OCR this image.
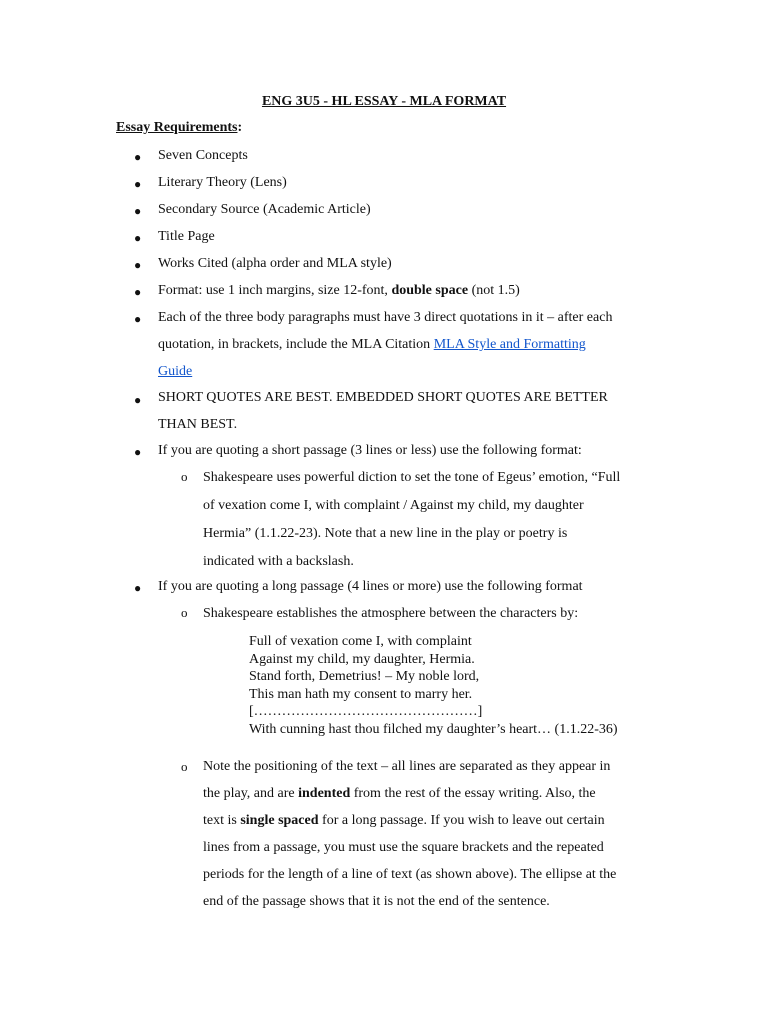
ENG 3U5 - HL ESSAY - MLA FORMAT
Essay Requirements:
● Seven Concepts
● Literary Theory (Lens)
● Secondary Source (Academic Article)
● Title Page
● Works Cited (alpha order and MLA style)
● Format: use 1 inch margins, size 12-font, double space (not 1.5)
● Each of the three body paragraphs must have 3 direct quotations in it – after each
quotation, in brackets, include the MLA Citation MLA Style and Formatting
Guide
● SHORT QUOTES ARE BEST. EMBEDDED SHORT QUOTES ARE BETTER
THAN BEST.
● If you are quoting a short passage (3 lines or less) use the following format:
o Shakespeare uses powerful diction to set the tone of Egeus’ emotion, “Full
of vexation come I, with complaint / Against my child, my daughter
Hermia” (1.1.22-23). Note that a new line in the play or poetry is
indicated with a backslash.
● If you are quoting a long passage (4 lines or more) use the following format
o Shakespeare establishes the atmosphere between the characters by:
Full of vexation come I, with complaint
Against my child, my daughter, Hermia.
Stand forth, Demetrius! – My noble lord,
This man hath my consent to marry her.
[…………………………………………]
With cunning hast thou filched my daughter’s heart… (1.1.22-36)
o Note the positioning of the text – all lines are separated as they appear in
the play, and are indented from the rest of the essay writing. Also, the
text is single spaced for a long passage. If you wish to leave out certain
lines from a passage, you must use the square brackets and the repeated
periods for the length of a line of text (as shown above). The ellipse at the
end of the passage shows that it is not the end of the sentence.
